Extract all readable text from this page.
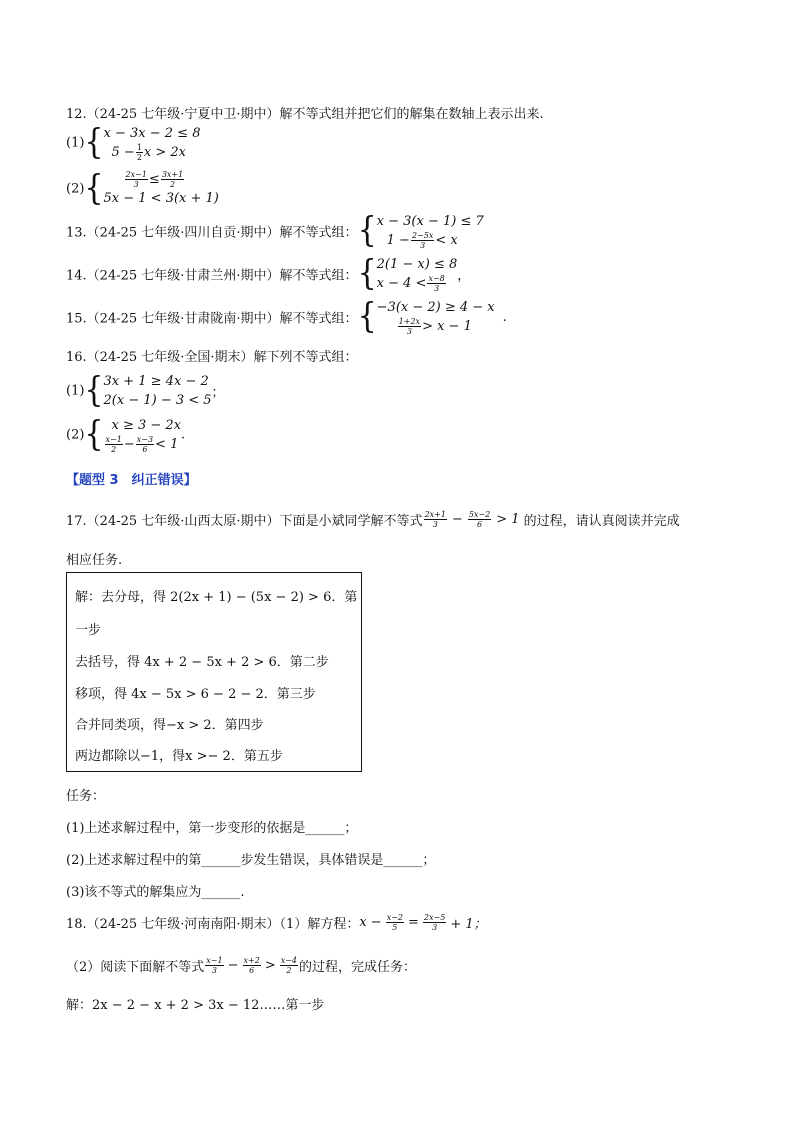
12.（24-25 七年级·宁夏中卫·期中）解不等式组并把它们的解集在数轴上表示出来.
(1){ x − 3x − 2 ≤ 8
$5 - \frac{1}{2}$ x > 2x
(2){	$\frac{2x-1}{3} \le \frac{3x+1}{2}$
5x − 1 < 3(x + 1)
13.（24-25 七年级·四川自贡·期中）解不等式组：{ x − 3(x − 1) ≤ 7
$1 - \frac{2-5x}{3} < x$
14.（24-25 七年级·甘肃兰州·期中）解不等式组：{ 2(1 − x) ≤ 8
$x - 4 < \frac{x-8}{3}$ ，
15.（24-25 七年级·甘肃陇南·期中）解不等式组：{ −3(x − 2) ≥ 4 − x
$\frac{1+2x}{3} > x - 1$
.
16.（24-25 七年级·全国·期末）解下列不等式组：
(1){ 3x + 1 ≥ 4x − 2
2(x − 1) − 3 < 5 ；
(2){ x ≥ 3 − 2x
$\frac{x-1}{2} - \frac{x-3}{6} < 1$
.
【题型 3　纠正错误】
17.（24-25 七年级·山西太原·期中）下面是小斌同学解不等式 $\frac{2x+1}{3} - \frac{5x-2}{6} > 1$ 的过程，请认真阅读并完成
相应任务.
解：去分母，得 2(2x + 1) − (5x − 2) > 6．第
一步
去括号，得 4x + 2 − 5x + 2 > 6．第二步
移项，得 4x − 5x > 6 − 2 − 2．第三步
合并同类项，得−x > 2．第四步
两边都除以−1，得x >− 2．第五步
任务：
(1)上述求解过程中，第一步变形的依据是______；
(2)上述求解过程中的第______步发生错误，具体错误是______；
(3)该不等式的解集应为______.
18.（24-25 七年级·河南南阳·期末）（1）解方程：$x - \frac{x-2}{5} = \frac{2x-5}{3} + 1$；
（2）阅读下面解不等式 $\frac{x-1}{3} - \frac{x+2}{6} > \frac{x-4}{2}$ 的过程，完成任务：
解：2x − 2 − x + 2 > 3x − 12……第一步
